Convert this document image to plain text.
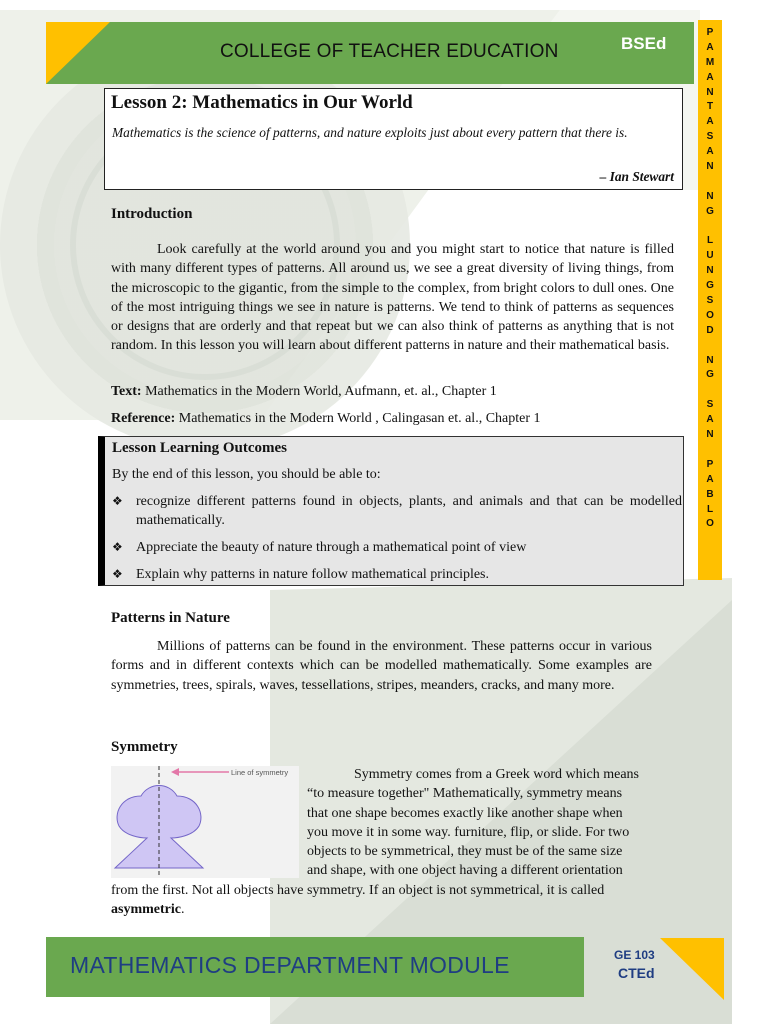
COLLEGE OF TEACHER EDUCATION	BSEd
P
A
M
A
N
T
A
S
A
N
N
G
L
U
N
G
S
O
D
N
G
S
A
N
P
A
B
L
O
Lesson 2: Mathematics in Our World
Mathematics is the science of patterns, and nature exploits just about every pattern that there is.
– Ian Stewart
Introduction

Look carefully at the world around you and you might start to notice that nature is filled with many different types of patterns. All around us, we see a great diversity of living things, from the microscopic to the gigantic, from the simple to the complex, from bright colors to dull ones. One of the most intriguing things we see in nature is patterns. We tend to think of patterns as sequences or designs that are orderly and that repeat but we can also think of patterns as anything that is not random. In this lesson you will learn about different patterns in nature and their mathematical basis.

Text: Mathematics in the Modern World, Aufmann, et. al., Chapter 1
Reference: Mathematics in the Modern World , Calingasan et. al., Chapter 1
Lesson Learning Outcomes
By the end of this lesson, you should be able to:
❖ recognize different patterns found in objects, plants, and animals and that can be modelled mathematically.
❖ Appreciate the beauty of nature through a mathematical point of view
❖ Explain why patterns in nature follow mathematical principles.
Patterns in Nature

Millions of patterns can be found in the environment. These patterns occur in various forms and in different contexts which can be modelled mathematically. Some examples are symmetries, trees, spirals, waves, tessellations, stripes, meanders, cracks, and many more.

Symmetry
Line of symmetry	Symmetry comes from a Greek word which means
“to measure together" Mathematically, symmetry means
that one shape becomes exactly like another shape when
you move it in some way. furniture, flip, or slide. For two
objects to be symmetrical, they must be of the same size
and shape, with one object having a different orientation
from the first. Not all objects have symmetry. If an object is not symmetrical, it is called asymmetric.
MATHEMATICS DEPARTMENT MODULE	GE 103
CTEd
